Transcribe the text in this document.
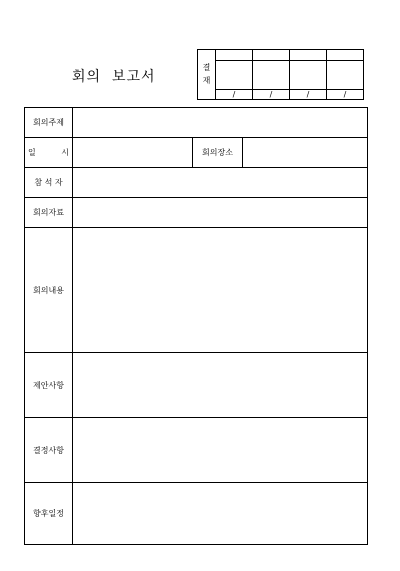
회의  보고서
결
재				

	/	/	/	/
회의주제			
일          시		회의장소	
참 석 자			
회의자료			
회의내용			
제안사항			
결정사항			
향후일정			
